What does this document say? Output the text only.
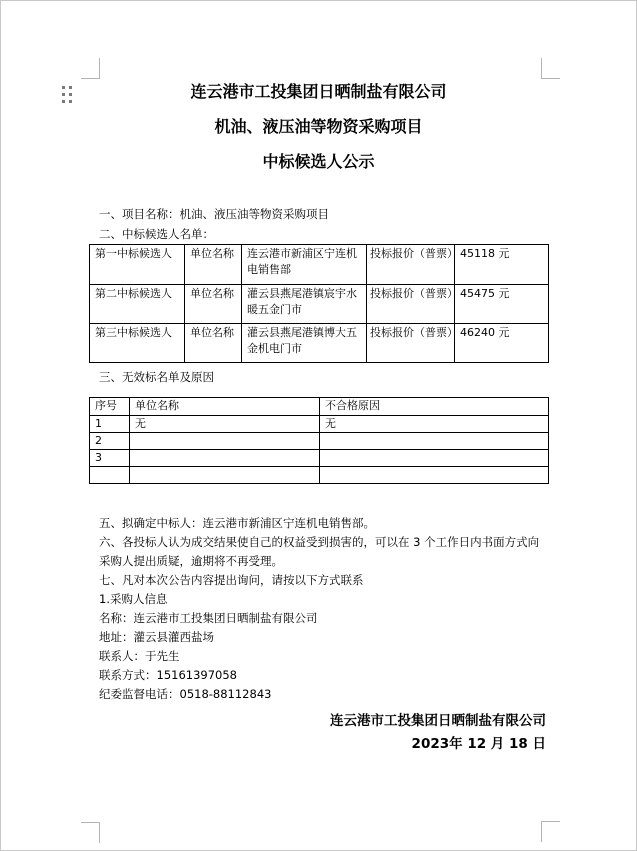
连云港市工投集团日晒制盐有限公司
机油、液压油等物资采购项目
中标候选人公示
一、项目名称：机油、液压油等物资采购项目
二、中标候选人名单：
第一中标候选人	单位名称	连云港市新浦区宁连机电销售部	投标报价（普票）	45118 元
第二中标候选人	单位名称	灌云县燕尾港镇宸宇水暖五金门市	投标报价（普票）	45475 元
第三中标候选人	单位名称	灌云县燕尾港镇博大五金机电门市	投标报价（普票）	46240 元
三、无效标名单及原因
序号	单位名称	不合格原因
1	无	无
2		
3		

五、拟确定中标人：连云港市新浦区宁连机电销售部。
六、各投标人认为成交结果使自己的权益受到损害的，可以在 3 个工作日内书面方式向采购人提出质疑，逾期将不再受理。
七、凡对本次公告内容提出询问，请按以下方式联系
1.采购人信息
名称：连云港市工投集团日晒制盐有限公司
地址：灌云县灌西盐场
联系人：于先生
联系方式：15161397058
纪委监督电话：0518-88112843
连云港市工投集团日晒制盐有限公司
2023年 12 月 18 日
